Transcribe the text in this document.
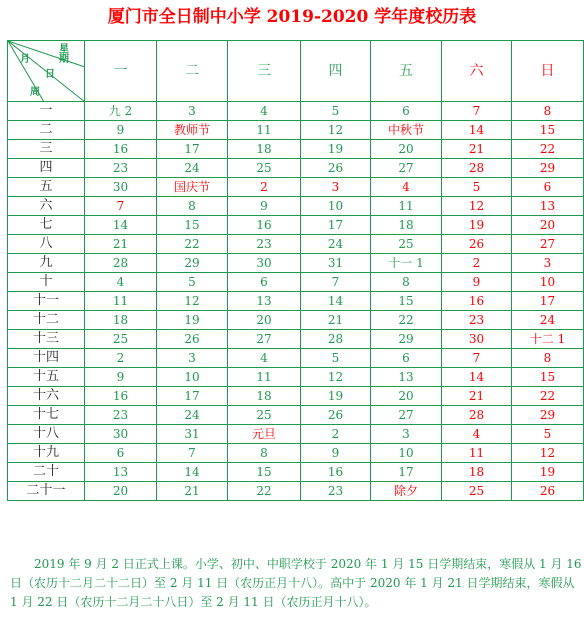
厦门市全日制中小学 2019-2020 学年度校历表
星期
月
日
周	一	二	三	四	五	六	日
一	九 2	3	4	5	6	7	8
二	9	教师节	11	12	中秋节	14	15
三	16	17	18	19	20	21	22
四	23	24	25	26	27	28	29
五	30	国庆节	2	3	4	5	6
六	7	8	9	10	11	12	13
七	14	15	16	17	18	19	20
八	21	22	23	24	25	26	27
九	28	29	30	31	十一 1	2	3
十	4	5	6	7	8	9	10
十一	11	12	13	14	15	16	17
十二	18	19	20	21	22	23	24
十三	25	26	27	28	29	30	十二 1
十四	2	3	4	5	6	7	8
十五	9	10	11	12	13	14	15
十六	16	17	18	19	20	21	22
十七	23	24	25	26	27	28	29
十八	30	31	元旦	2	3	4	5
十九	6	7	8	9	10	11	12
二十	13	14	15	16	17	18	19
二十一	20	21	22	23	除夕	25	26

2019 年 9 月 2 日正式上课。小学、初中、中职学校于 2020 年 1 月 15 日学期结束，寒假从 1 月 16 日（农历十二月二十二日）至 2 月 11 日（农历正月十八）。高中于 2020 年 1 月 21 日学期结束，寒假从 1 月 22 日（农历十二月二十八日）至 2 月 11 日（农历正月十八）。
